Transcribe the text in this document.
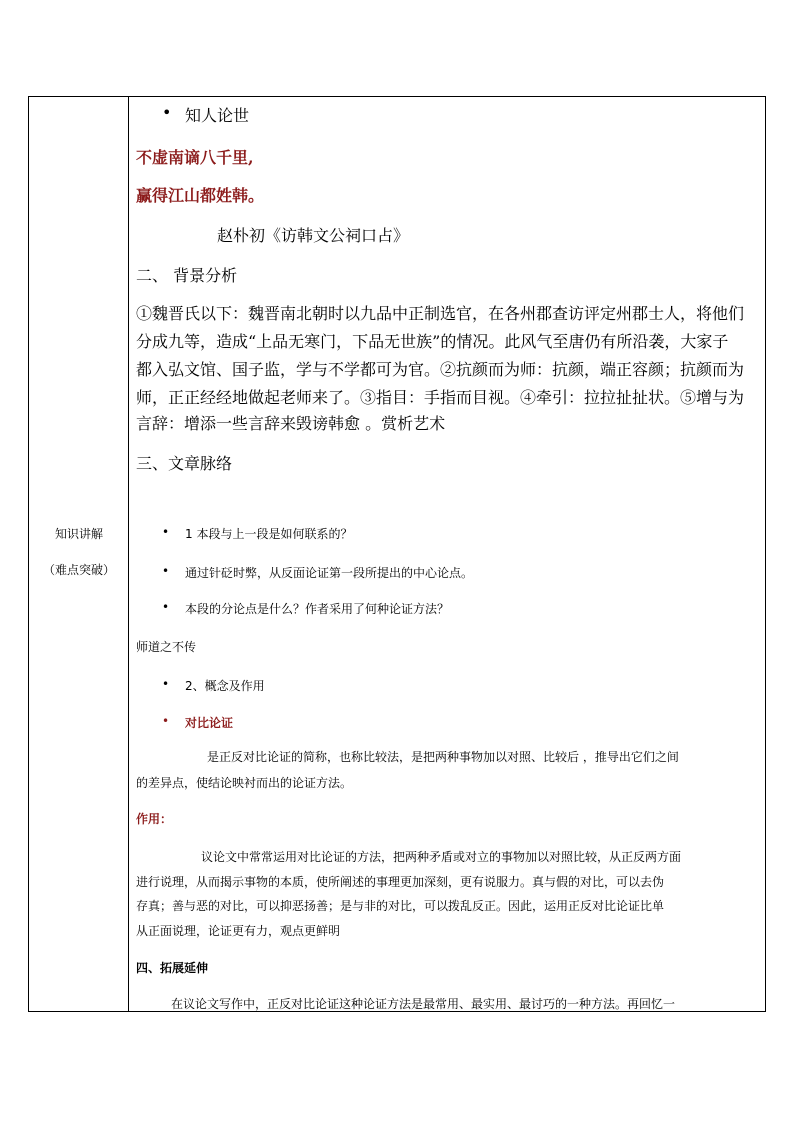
知识讲解
（难点突破）
• 知人论世
不虚南谪八千里,
赢得江山都姓韩。
赵朴初《访韩文公祠口占》
二、 背景分析
①魏晋氏以下：魏晋南北朝时以九品中正制选官，在各州郡查访评定州郡士人，将他们
分成九等，造成“上品无寒门，下品无世族”的情况。此风气至唐仍有所沿袭，大家子
都入弘文馆、国子监，学与不学都可为官。②抗颜而为师：抗颜，端正容颜；抗颜而为
师，正正经经地做起老师来了。③指目：手指而目视。④牵引：拉拉扯扯状。⑤增与为
言辞：增添一些言辞来毁谤韩愈 。赏析艺术
三、文章脉络
• 1 本段与上一段是如何联系的？
• 通过针砭时弊，从反面论证第一段所提出的中心论点。
• 本段的分论点是什么？作者采用了何种论证方法？
师道之不传
• 2、概念及作用
• 对比论证
是正反对比论证的简称，也称比较法，是把两种事物加以对照、比较后 ，推导出它们之间
的差异点，使结论映衬而出的论证方法。
作用：
议论文中常常运用对比论证的方法，把两种矛盾或对立的事物加以对照比较，从正反两方面
进行说理，从而揭示事物的本质，使所阐述的事理更加深刻，更有说服力。真与假的对比，可以去伪
存真；善与恶的对比，可以抑恶扬善；是与非的对比，可以拨乱反正。因此，运用正反对比论证比单
从正面说理，论证更有力，观点更鲜明
四、拓展延伸
在议论文写作中，正反对比论证这种论证方法是最常用、最实用、最讨巧的一种方法。再回忆一
